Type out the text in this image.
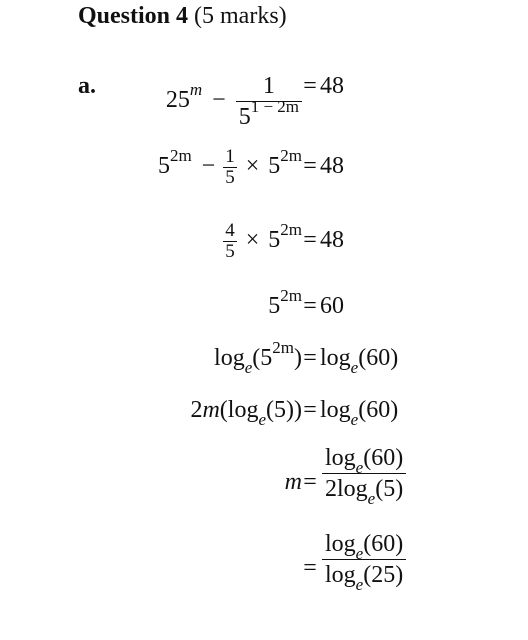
Question 4 (5 marks)
a.
$25^m - \frac{1}{5^{1 - 2m}} = 48$
$5^{2m} - \frac{1}{5} \times 5^{2m} = 48$
$\frac{4}{5} \times 5^{2m} = 48$
$5^{2m} = 60$
$\log_e(5^{2m}) = \log_e(60)$
$2m(\log_e(5)) = \log_e(60)$
$m = \frac{\log_e(60)}{2\log_e(5)}$
= $\frac{\log_e(60)}{\log_e(25)}$
